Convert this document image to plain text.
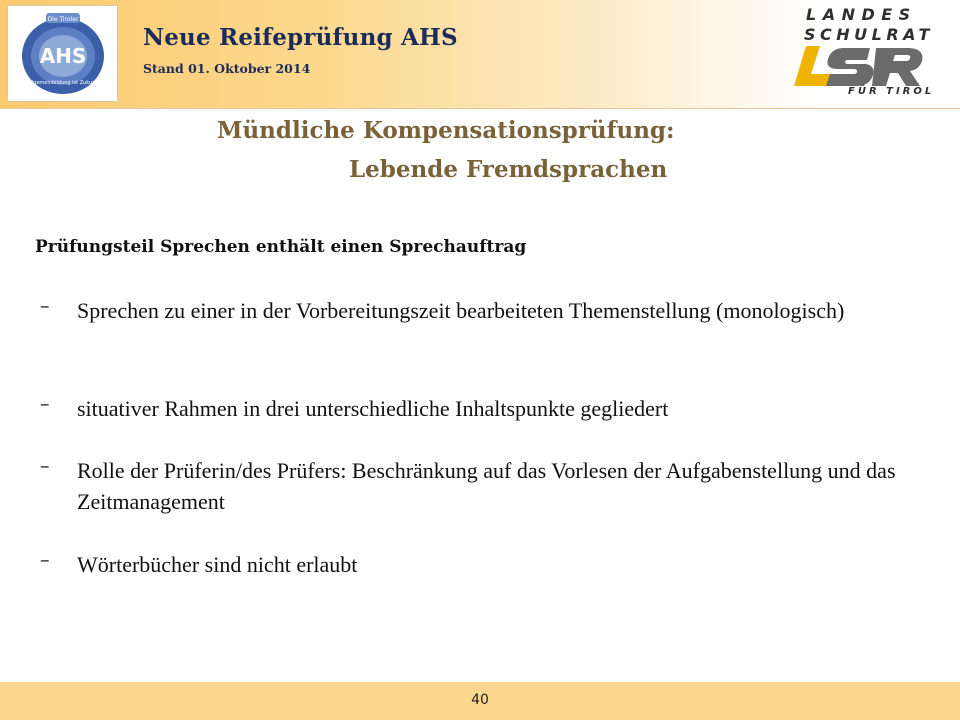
Die Tiroler
AHS
Allgemeinbildung ist Zukunft
Neue Reifeprüfung AHS
Stand 01. Oktober 2014
LANDES
SCHULRAT
FÜR TIROL
Mündliche Kompensationsprüfung:
Lebende Fremdsprachen
Prüfungsteil Sprechen enthält einen Sprechauftrag
– Sprechen zu einer in der Vorbereitungszeit bearbeiteten Themenstellung (monologisch)
– situativer Rahmen in drei unterschiedliche Inhaltspunkte gegliedert
– Rolle der Prüferin/des Prüfers: Beschränkung auf das Vorlesen der Aufgabenstellung und das Zeitmanagement
– Wörterbücher sind nicht erlaubt
40
